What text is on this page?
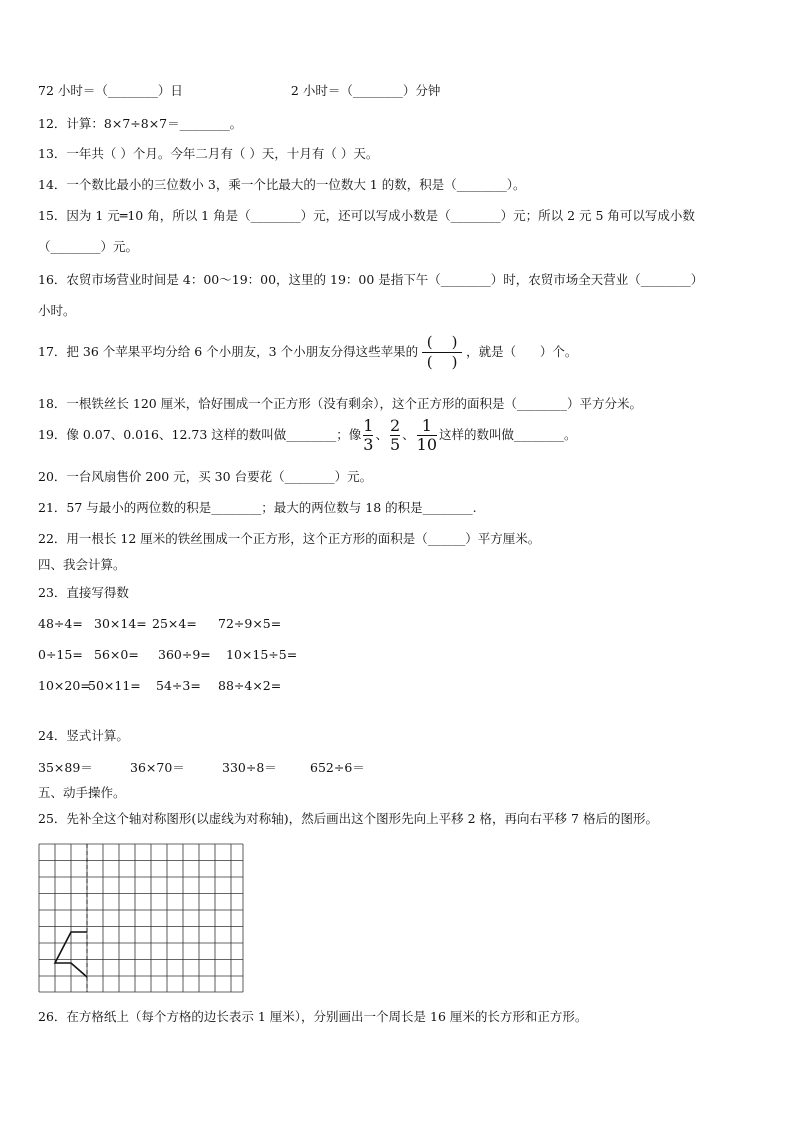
72 小时＝（________）日	2 小时＝（________）分钟
12．计算：8×7÷8×7＝________。
13．一年共（ ）个月。今年二月有（ ）天，十月有（ ）天。
14．一个数比最小的三位数小 3，乘一个比最大的一位数大 1 的数，积是（________）。
15．因为 1 元═10 角，所以 1 角是（________）元，还可以写成小数是（________）元；所以 2 元 5 角可以写成小数
（________）元。
16．农贸市场营业时间是 4：00～19：00，这里的 19：00 是指下午（________）时，农贸市场全天营业（________）
小时。
17．把 36 个苹果平均分给 6 个小朋友，3 个小朋友分得这些苹果的
(    )
(    )
，就是（      ）个。
18．一根铁丝长 120 厘米，恰好围成一个正方形（没有剩余），这个正方形的面积是（________）平方分米。
19．像 0.07、0.016、12.73 这样的数叫做________；像 $\frac{1}{3}$ 、 $\frac{2}{5}$ 、 $\frac{1}{10}$ 这样的数叫做________。
20．一台风扇售价 200 元，买 30 台要花（________）元。
21．57 与最小的两位数的积是________；最大的两位数与 18 的积是________.
22．用一根长 12 厘米的铁丝围成一个正方形，这个正方形的面积是（______）平方厘米。
四、我会计算。
23．直接写得数
48÷4= 30×14= 25×4= 72÷9×5=
0÷15= 56×0= 360÷9= 10×15÷5=
10×20=50×11= 54÷3= 88÷4×2=
24．竖式计算。
35×89＝	36×70＝	330÷8＝	652÷6＝
五、动手操作。
25．先补全这个轴对称图形(以虚线为对称轴)，然后画出这个图形先向上平移 2 格，再向右平移 7 格后的图形。
26．在方格纸上（每个方格的边长表示 1 厘米），分别画出一个周长是 16 厘米的长方形和正方形。
